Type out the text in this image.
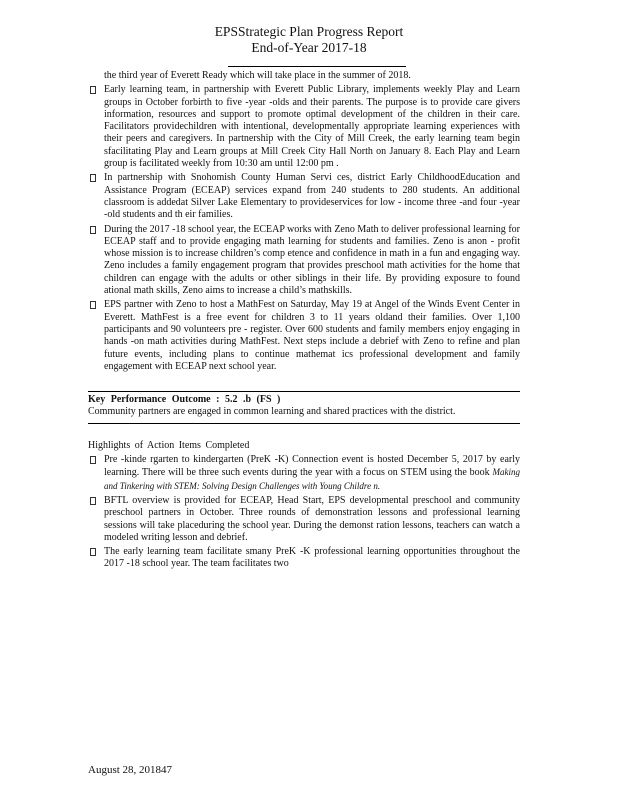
EPSStrategic Plan Progress Report
End-of-Year 2017-18

the third year of Everett Ready which will take place in the summer of 2018.

Early learning team, in partnership with Everett Public Library, implements weekly Play and Learn groups in October forbirth to five -year -olds and their parents. The purpose is to provide care givers information, resources and support to promote optimal development of the children in their care. Facilitators providechildren with intentional, developmentally appropriate learning experiences with their peers and caregivers. In partnership with the City of Mill Creek, the early learning team begin sfacilitating Play and Learn groups at Mill Creek City Hall North on January 8. Each Play and Learn group is facilitated weekly from 10:30 am until 12:00 pm .
In partnership with Snohomish County Human Servi ces, district Early ChildhoodEducation and Assistance Program (ECEAP) services expand from 240 students to 280 students. An additional classroom is addedat Silver Lake Elementary to provideservices for low - income three -and four -year -old students and th eir families.
During the 2017 -18 school year, the ECEAP works with Zeno Math to deliver professional learning for ECEAP staff and to provide engaging math learning for students and families. Zeno is anon - profit whose mission is to increase children’s comp etence and confidence in math in a fun and engaging way. Zeno includes a family engagement program that provides preschool math activities for the home that children can engage with the adults or other siblings in their life. By providing exposure to found ational math skills, Zeno aims to increase a child’s mathskills.
EPS partner with Zeno to host a MathFest on Saturday, May 19 at Angel of the Winds Event Center in Everett. MathFest is a free event for children 3 to 11 years oldand their families. Over 1,100 participants and 90 volunteers pre - register. Over 600 students and family members enjoy engaging in hands -on math activities during MathFest. Next steps include a debrief with Zeno to refine and plan future events, including plans to continue mathemat ics professional development and family engagement with ECEAP next school year.
Key Performance Outcome : 5.2 .b (FS )
Community partners are engaged in common learning and shared practices with the district.
Highlights of Action Items Completed
Pre -kinde rgarten to kindergarten (PreK -K) Connection event is hosted December 5, 2017 by early learning. There will be three such events during the year with a focus on STEM using the book Making and Tinkering with STEM: Solving Design Challenges with Young Childre n.
BFTL overview is provided for ECEAP, Head Start, EPS developmental preschool and community preschool partners in October. Three rounds of demonstration lessons and professional learning sessions will take placeduring the school year. During the demonst ration lessons, teachers can watch a modeled writing lesson and debrief.
The early learning team facilitate smany PreK -K professional learning opportunities throughout the 2017 -18 school year. The team facilitates two
August 28, 201847
